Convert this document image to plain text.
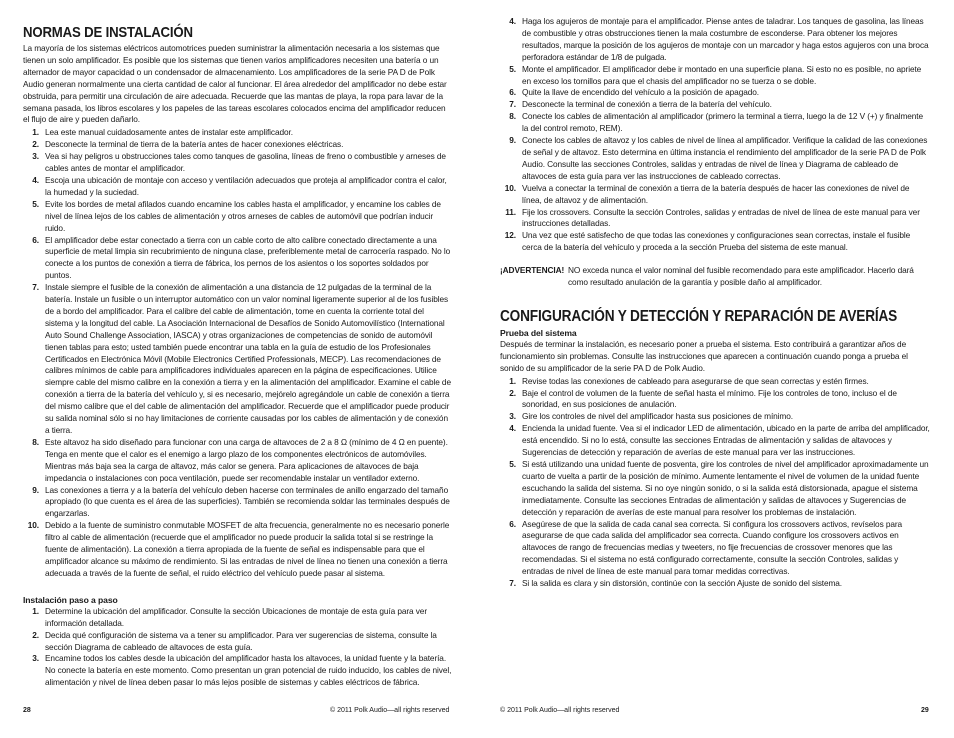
NORMAS DE INSTALACIÓN

La mayoría de los sistemas eléctricos automotrices pueden suministrar la alimentación necesaria a los sistemas que tienen un solo amplificador. Es posible que los sistemas que tienen varios amplificadores necesiten una batería o un alternador de mayor capacidad o un condensador de almacenamiento. Los amplificadores de la serie PA D de Polk Audio generan normalmente una cierta cantidad de calor al funcionar. El área alrededor del amplificador no debe estar obstruida, para permitir una circulación de aire adecuada. Recuerde que las mantas de playa, la ropa para lavar de la semana pasada, los libros escolares y los papeles de las tareas escolares colocados encima del amplificador reducen el flujo de aire y pueden dañarlo.

1. Lea este manual cuidadosamente antes de instalar este amplificador.
2. Desconecte la terminal de tierra de la batería antes de hacer conexiones eléctricas.
3. Vea si hay peligros u obstrucciones tales como tanques de gasolina, líneas de freno o combustible y arneses de cables antes de montar el amplificador.
4. Escoja una ubicación de montaje con acceso y ventilación adecuados que proteja al amplificador contra el calor, la humedad y la suciedad.
5. Evite los bordes de metal afilados cuando encamine los cables hasta el amplificador, y encamine los cables de nivel de línea lejos de los cables de alimentación y otros arneses de cables de automóvil que podrían inducir ruido.
6. El amplificador debe estar conectado a tierra con un cable corto de alto calibre conectado directamente a una superficie de metal limpia sin recubrimiento de ninguna clase, preferiblemente metal de carrocería raspado. No lo conecte a los puntos de conexión a tierra de fábrica, los pernos de los asientos o los soportes soldados por puntos.
7. Instale siempre el fusible de la conexión de alimentación a una distancia de 12 pulgadas de la terminal de la batería. Instale un fusible o un interruptor automático con un valor nominal ligeramente superior al de los fusibles de a bordo del amplificador. Para el calibre del cable de alimentación, tome en cuenta la corriente total del sistema y la longitud del cable. La Asociación Internacional de Desafíos de Sonido Automovilístico (International Auto Sound Challenge Association, IASCA) y otras organizaciones de competencias de sonido de automóvil tienen tablas para esto; usted también puede encontrar una tabla en la guía de estudio de los Profesionales Certificados en Electrónica Móvil (Mobile Electronics Certified Professionals, MECP). Las recomendaciones de calibres mínimos de cable para amplificadores individuales aparecen en la página de especificaciones. Utilice siempre cable del mismo calibre en la conexión a tierra y en la alimentación del amplificador. Examine el cable de conexión a tierra de la batería del vehículo y, si es necesario, mejórelo agregándole un cable de conexión a tierra del mismo calibre que el del cable de alimentación del amplificador. Recuerde que el amplificador puede producir su salida nominal sólo si no hay limitaciones de corriente causadas por los cables de alimentación y de conexión a tierra.
8. Este altavoz ha sido diseñado para funcionar con una carga de altavoces de 2 a 8 Ω (mínimo de 4 Ω en puente). Tenga en mente que el calor es el enemigo a largo plazo de los componentes electrónicos de automóviles. Mientras más baja sea la carga de altavoz, más calor se genera. Para aplicaciones de altavoces de baja impedancia o instalaciones con poca ventilación, puede ser recomendable instalar un ventilador externo.
9. Las conexiones a tierra y a la batería del vehículo deben hacerse con terminales de anillo engarzado del tamaño apropiado (lo que cuenta es el área de las superficies). También se recomienda soldar las terminales después de engarzarlas.
10. Debido a la fuente de suministro conmutable MOSFET de alta frecuencia, generalmente no es necesario ponerle filtro al cable de alimentación (recuerde que el amplificador no puede producir la salida total si se restringe la fuente de alimentación). La conexión a tierra apropiada de la fuente de señal es indispensable para que el amplificador alcance su máximo de rendimiento. Si las entradas de nivel de línea no tienen una conexión a tierra adecuada a través de la fuente de señal, el ruido eléctrico del vehículo puede pasar al sistema.
Instalación paso a paso
1. Determine la ubicación del amplificador. Consulte la sección Ubicaciones de montaje de esta guía para ver información detallada.
2. Decida qué configuración de sistema va a tener su amplificador. Para ver sugerencias de sistema, consulte la sección Diagrama de cableado de altavoces de esta guía.
3. Encamine todos los cables desde la ubicación del amplificador hasta los altavoces, la unidad fuente y la batería. No conecte la batería en este momento. Como presentan un gran potencial de ruido inducido, los cables de nivel, alimentación y nivel de línea deben pasar lo más lejos posible de sistemas y cables eléctricos de fábrica.
4. Haga los agujeros de montaje para el amplificador. Piense antes de taladrar. Los tanques de gasolina, las líneas de combustible y otras obstrucciones tienen la mala costumbre de esconderse. Para obtener los mejores resultados, marque la posición de los agujeros de montaje con un marcador y haga estos agujeros con una broca perforadora estándar de 1/8 de pulgada.
5. Monte el amplificador. El amplificador debe ir montado en una superficie plana. Si esto no es posible, no apriete en exceso los tornillos para que el chasis del amplificador no se tuerza o se doble.
6. Quite la llave de encendido del vehículo a la posición de apagado.
7. Desconecte la terminal de conexión a tierra de la batería del vehículo.
8. Conecte los cables de alimentación al amplificador (primero la terminal a tierra, luego la de 12 V (+) y finalmente la del control remoto, REM).
9. Conecte los cables de altavoz y los cables de nivel de línea al amplificador. Verifique la calidad de las conexiones de señal y de altavoz. Esto determina en última instancia el rendimiento del amplificador de la serie PA D de Polk Audio. Consulte las secciones Controles, salidas y entradas de nivel de línea y Diagrama de cableado de altavoces de esta guía para ver las instrucciones de cableado correctas.
10. Vuelva a conectar la terminal de conexión a tierra de la batería después de hacer las conexiones de nivel de línea, de altavoz y de alimentación.
11. Fije los crossovers. Consulte la sección Controles, salidas y entradas de nivel de línea de este manual para ver instrucciones detalladas.
12. Una vez que esté satisfecho de que todas las conexiones y configuraciones sean correctas, instale el fusible cerca de la batería del vehículo y proceda a la sección Prueba del sistema de este manual.
¡ADVERTENCIA! NO exceda nunca el valor nominal del fusible recomendado para este amplificador. Hacerlo dará como resultado anulación de la garantía y posible daño al amplificador.
CONFIGURACIÓN Y DETECCIÓN Y REPARACIÓN DE AVERÍAS
Prueba del sistema

Después de terminar la instalación, es necesario poner a prueba el sistema. Esto contribuirá a garantizar años de funcionamiento sin problemas. Consulte las instrucciones que aparecen a continuación cuando ponga a prueba el sonido de su amplificador de la serie PA D de Polk Audio.

1. Revise todas las conexiones de cableado para asegurarse de que sean correctas y estén firmes.
2. Baje el control de volumen de la fuente de señal hasta el mínimo. Fije los controles de tono, incluso el de sonoridad, en sus posiciones de anulación.
3. Gire los controles de nivel del amplificador hasta sus posiciones de mínimo.
4. Encienda la unidad fuente. Vea si el indicador LED de alimentación, ubicado en la parte de arriba del amplificador, está encendido. Si no lo está, consulte las secciones Entradas de alimentación y salidas de altavoces y Sugerencias de detección y reparación de averías de este manual para ver las instrucciones.
5. Si está utilizando una unidad fuente de posventa, gire los controles de nivel del amplificador aproximadamente un cuarto de vuelta a partir de la posición de mínimo. Aumente lentamente el nivel de volumen de la unidad fuente escuchando la salida del sistema. Si no oye ningún sonido, o si la salida está distorsionada, apague el sistema inmediatamente. Consulte las secciones Entradas de alimentación y salidas de altavoces y Sugerencias de detección y reparación de averías de este manual para resolver los problemas de instalación.
6. Asegúrese de que la salida de cada canal sea correcta. Si configura los crossovers activos, revíselos para asegurarse de que cada salida del amplificador sea correcta. Cuando configure los crossovers activos en altavoces de rango de frecuencias medias y tweeters, no fije frecuencias de crossover menores que las recomendadas. Si el sistema no está configurado correctamente, consulte la sección Controles, salidas y entradas de nivel de línea de este manual para tomar medidas correctivas.
7. Si la salida es clara y sin distorsión, continúe con la sección Ajuste de sonido del sistema.
28	© 2011 Polk Audio—all rights reserved	© 2011 Polk Audio—all rights reserved	29
